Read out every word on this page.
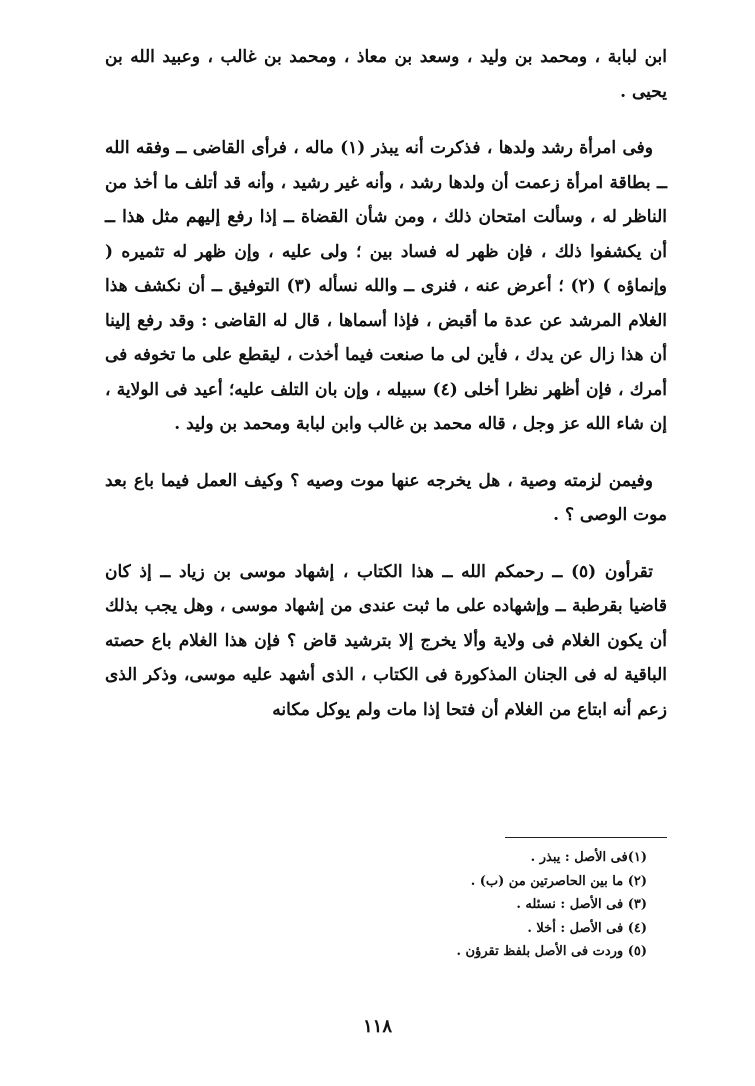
ابن لبابة ، ومحمد بن وليد ، وسعد بن معاذ ، ومحمد بن غالب ، وعبيد الله بن يحيى .

وفى امرأة رشد ولدها ، فذكرت أنه يبذر (١) ماله ، فرأى القاضى ــ وفقه الله ــ بطاقة امرأة زعمت أن ولدها رشد ، وأنه غير رشيد ، وأنه قد أتلف ما أخذ من الناظر له ، وسألت امتحان ذلك ، ومن شأن القضاة ــ إذا رفع إليهم مثل هذا ــ أن يكشفوا ذلك ، فإن ظهر له فساد بين ؛ ولى عليه ، وإن ظهر له تثميره ( وإنماؤه ) (٢) ؛ أعرض عنه ، فنرى ــ والله نسأله (٣) التوفيق ــ أن نكشف هذا الغلام المرشد عن عدة ما أقبض ، فإذا أسماها ، قال له القاضى : وقد رفع إلينا أن هذا زال عن يدك ، فأين لى ما صنعت فيما أخذت ، ليقطع على ما تخوفه فى أمرك ، فإن أظهر نظرا أخلى (٤) سبيله ، وإن بان التلف عليه؛ أعيد فى الولاية ، إن شاء الله عز وجل ، قاله محمد بن غالب وابن لبابة ومحمد بن وليد .

وفيمن لزمته وصية ، هل يخرجه عنها موت وصيه ؟ وكيف العمل فيما باع بعد موت الوصى ؟ .

تقرأون (٥) ــ رحمكم الله ــ هذا الكتاب ، إشهاد موسى بن زياد ــ إذ كان قاضيا بقرطبة ــ وإشهاده على ما ثبت عندى من إشهاد موسى ، وهل يجب بذلك أن يكون الغلام فى ولاية وألا يخرج إلا بترشيد قاض ؟ فإن هذا الغلام باع حصته الباقية له فى الجنان المذكورة فى الكتاب ، الذى أشهد عليه موسى، وذكر الذى زعم أنه ابتاع من الغلام أن فتحا إذا مات ولم يوكل مكانه

(١)فى الأصل : يبذر .
(٢) ما بين الحاصرتين من (ب) .
(٣) فى الأصل : نسئله .
(٤) فى الأصل : أخلا .
(٥) وردت فى الأصل بلفظ تقرؤن .
١١٨
